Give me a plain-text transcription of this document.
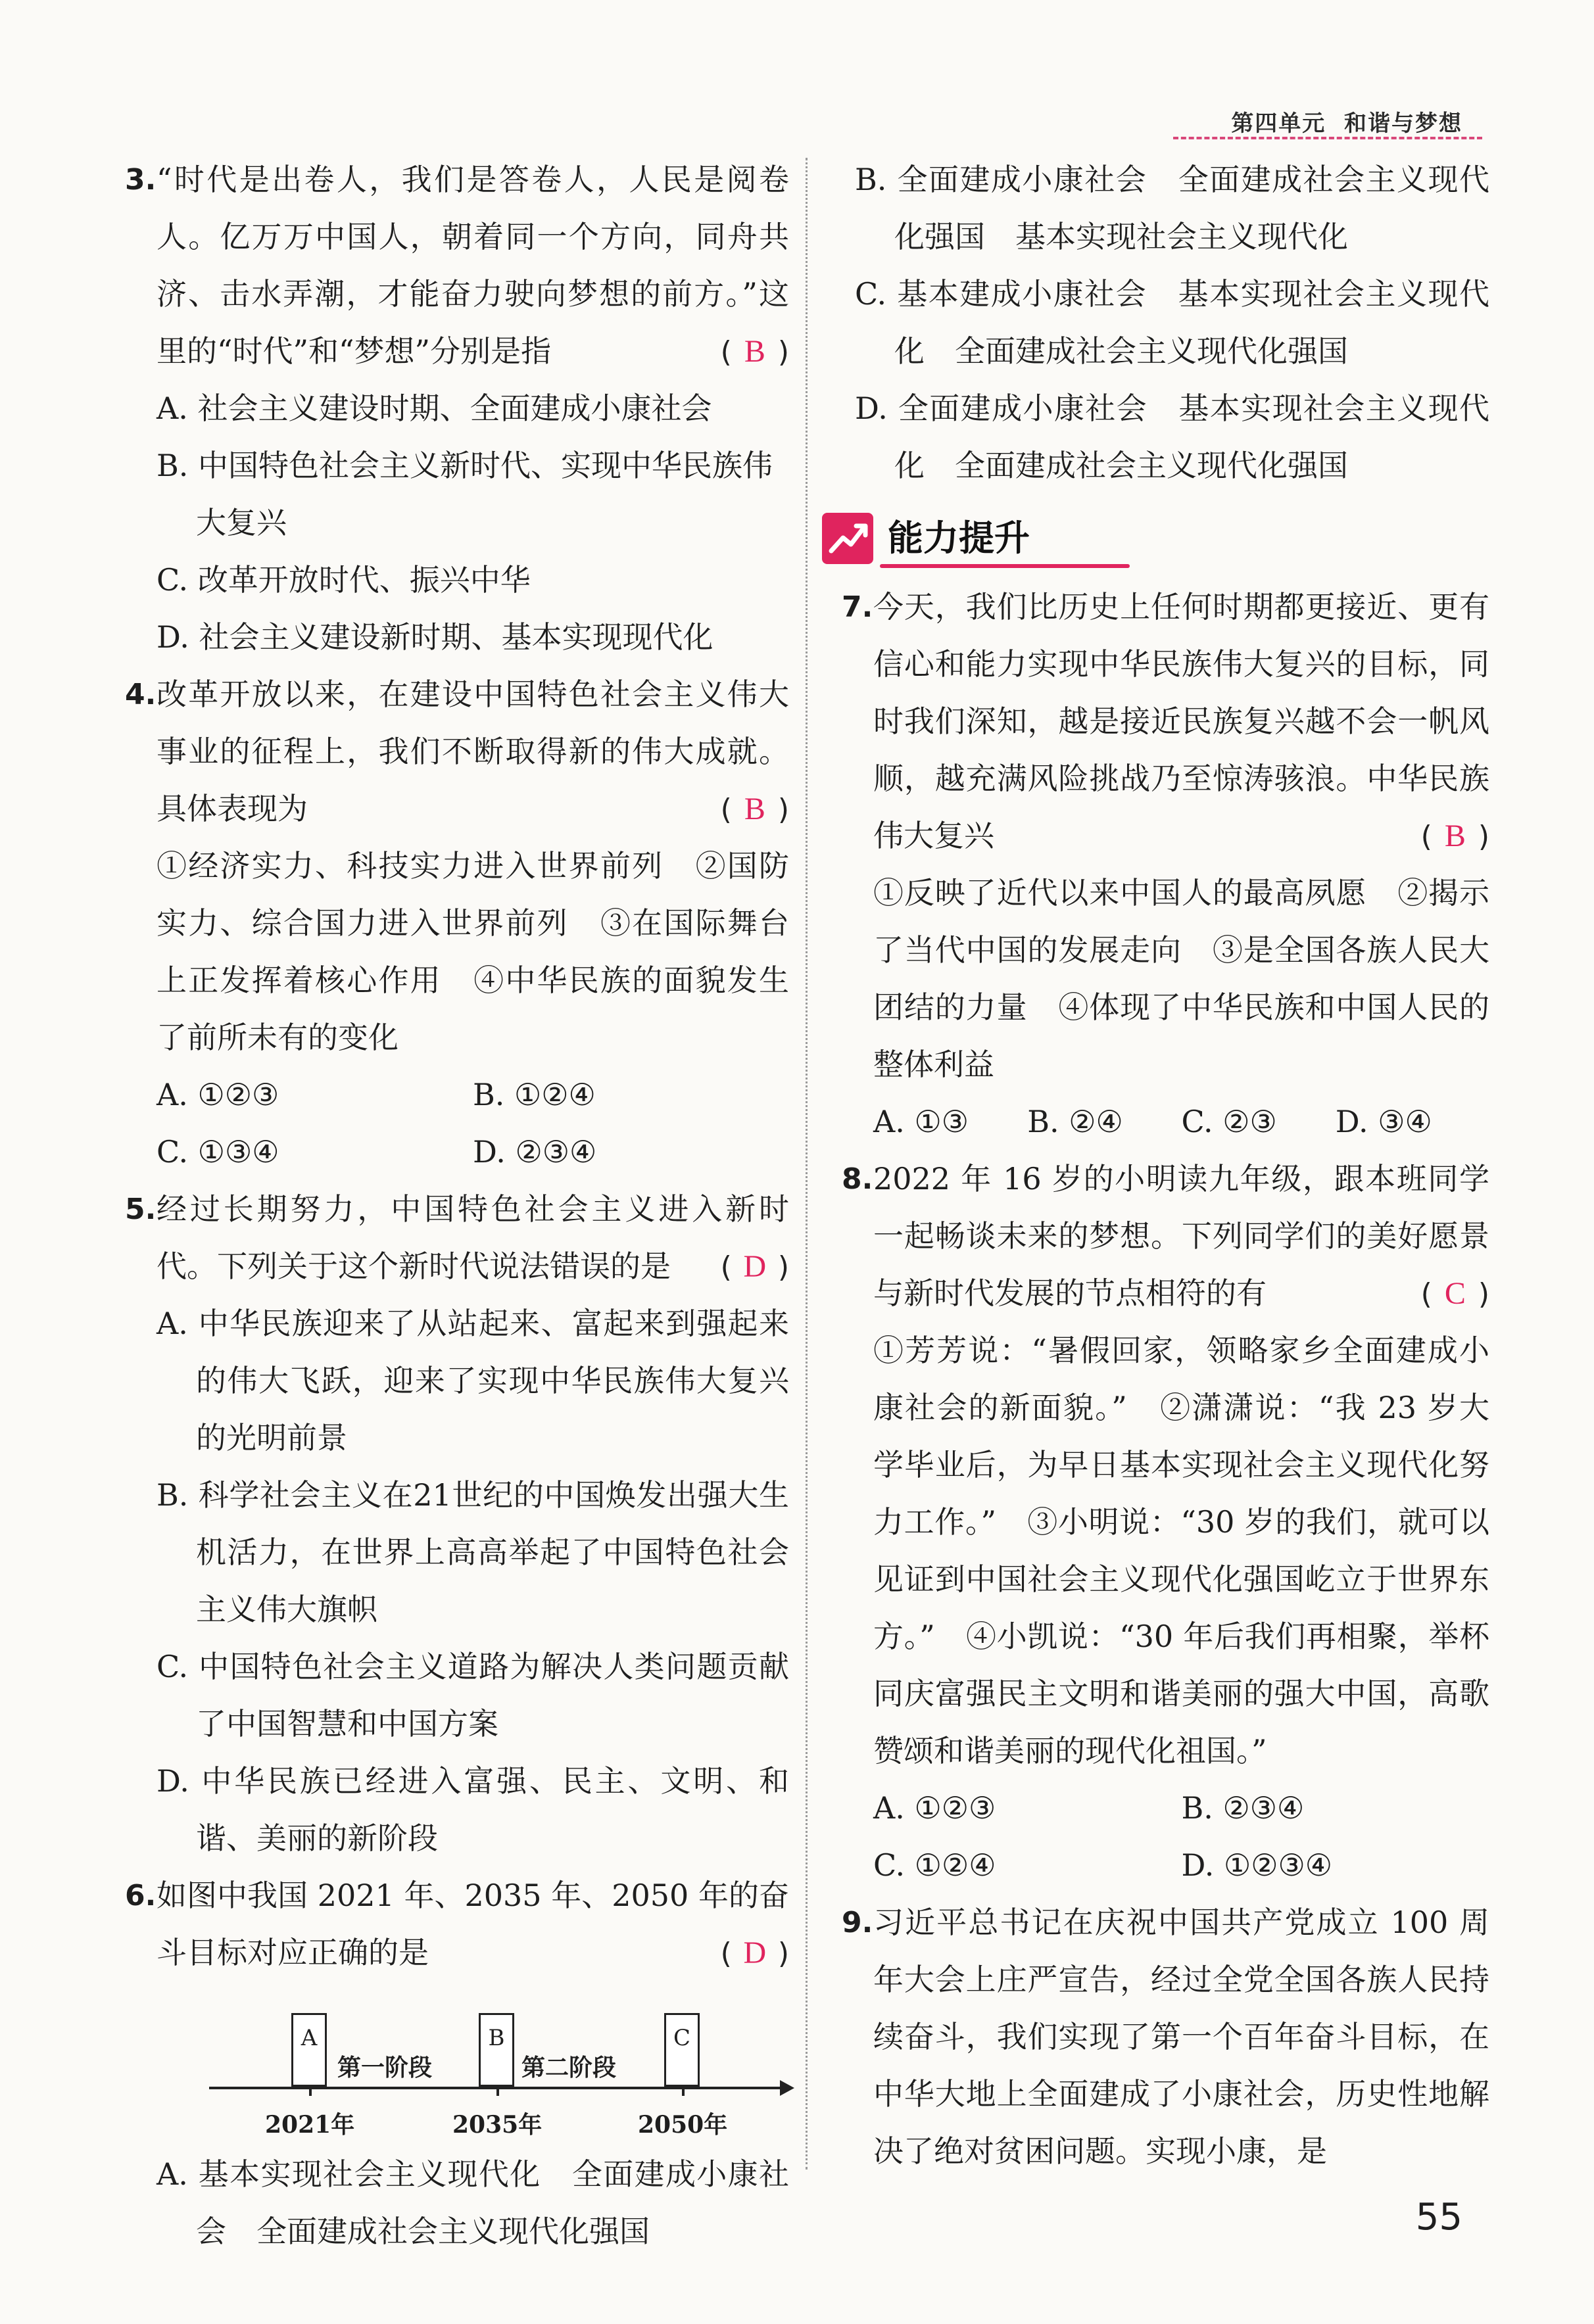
第四单元 和谐与梦想
3. “时代是出卷人，我们是答卷人，人民是阅卷人。亿万万中国人，朝着同一个方向，同舟共济、击水弄潮，才能奋力驶向梦想的前方。”这里的“时代”和“梦想”分别是指	( B )
A. 社会主义建设时期、全面建成小康社会
B. 中国特色社会主义新时代、实现中华民族伟大复兴
C. 改革开放时代、振兴中华
D. 社会主义建设新时期、基本实现现代化
4. 改革开放以来，在建设中国特色社会主义伟大事业的征程上，我们不断取得新的伟大成就。具体表现为	( B )
①经济实力、科技实力进入世界前列　②国防实力、综合国力进入世界前列　③在国际舞台上正发挥着核心作用　④中华民族的面貌发生了前所未有的变化
A. ①②③	B. ①②④
C. ①③④	D. ②③④
5. 经过长期努力，中国特色社会主义进入新时代。下列关于这个新时代说法错误的是	( D )
A. 中华民族迎来了从站起来、富起来到强起来的伟大飞跃，迎来了实现中华民族伟大复兴的光明前景
B. 科学社会主义在21世纪的中国焕发出强大生机活力，在世界上高高举起了中国特色社会主义伟大旗帜
C. 中国特色社会主义道路为解决人类问题贡献了中国智慧和中国方案
D. 中华民族已经进入富强、民主、文明、和谐、美丽的新阶段
6. 如图中我国 2021 年、2035 年、2050 年的奋斗目标对应正确的是	( D )
A	B	C
第一阶段	第二阶段
2021年	2035年	2050年
A. 基本实现社会主义现代化　全面建成小康社会　全面建成社会主义现代化强国
B. 全面建成小康社会　全面建成社会主义现代化强国　基本实现社会主义现代化
C. 基本建成小康社会　基本实现社会主义现代化　全面建成社会主义现代化强国
D. 全面建成小康社会　基本实现社会主义现代化　全面建成社会主义现代化强国
能力提升
7. 今天，我们比历史上任何时期都更接近、更有信心和能力实现中华民族伟大复兴的目标，同时我们深知，越是接近民族复兴越不会一帆风顺，越充满风险挑战乃至惊涛骇浪。中华民族伟大复兴	( B )
①反映了近代以来中国人的最高夙愿　②揭示了当代中国的发展走向　③是全国各族人民大团结的力量　④体现了中华民族和中国人民的整体利益
A. ①③	B. ②④	C. ②③	D. ③④
8. 2022 年 16 岁的小明读九年级，跟本班同学一起畅谈未来的梦想。下列同学们的美好愿景与新时代发展的节点相符的有	( C )
①芳芳说：“暑假回家，领略家乡全面建成小康社会的新面貌。”　②潇潇说：“我 23 岁大学毕业后，为早日基本实现社会主义现代化努力工作。”　③小明说：“30 岁的我们，就可以见证到中国社会主义现代化强国屹立于世界东方。”　④小凯说：“30 年后我们再相聚，举杯同庆富强民主文明和谐美丽的强大中国，高歌赞颂和谐美丽的现代化祖国。”
A. ①②③	B. ②③④
C. ①②④	D. ①②③④
9. 习近平总书记在庆祝中国共产党成立 100 周年大会上庄严宣告，经过全党全国各族人民持续奋斗，我们实现了第一个百年奋斗目标，在中华大地上全面建成了小康社会，历史性地解决了绝对贫困问题。实现小康，是
55
